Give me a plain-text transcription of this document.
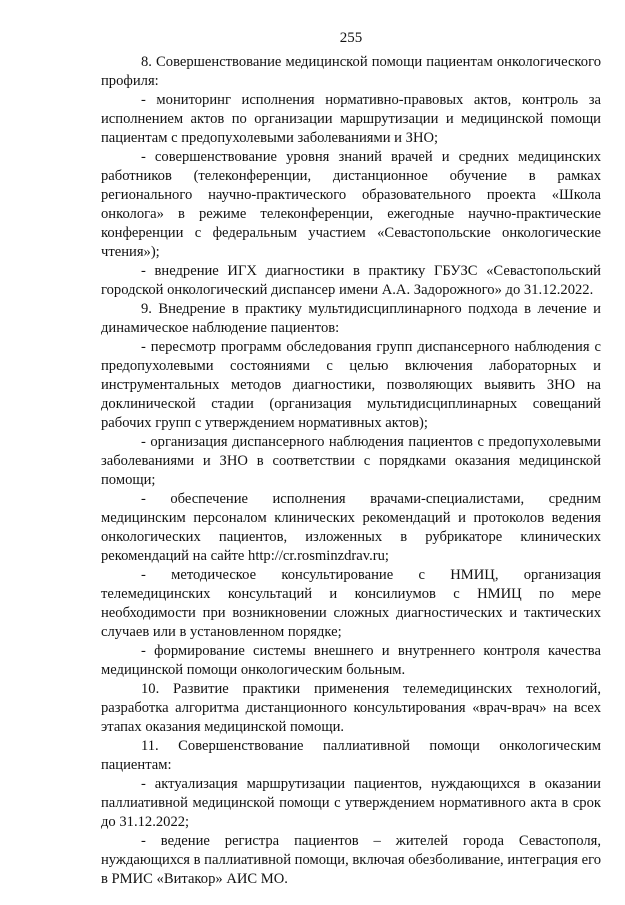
255

8. Совершенствование медицинской помощи пациентам онкологического профиля:

- мониторинг исполнения нормативно-правовых актов, контроль за исполнением актов по организации маршрутизации и медицинской помощи пациентам с предопухолевыми заболеваниями и ЗНО;

- совершенствование уровня знаний врачей и средних медицинских работников (телеконференции, дистанционное обучение в рамках регионального научно-практического образовательного проекта «Школа онколога» в режиме телеконференции, ежегодные научно-практические конференции с федеральным участием «Севастопольские онкологические чтения»);

- внедрение ИГХ диагностики в практику ГБУЗС «Севастопольский городской онкологический диспансер имени А.А. Задорожного» до 31.12.2022.

9. Внедрение в практику мультидисциплинарного подхода в лечение и динамическое наблюдение пациентов:

- пересмотр программ обследования групп диспансерного наблюдения с предопухолевыми состояниями с целью включения лабораторных и инструментальных методов диагностики, позволяющих выявить ЗНО на доклинической стадии (организация мультидисциплинарных совещаний рабочих групп с утверждением нормативных актов);

- организация диспансерного наблюдения пациентов с предопухолевыми заболеваниями и ЗНО в соответствии с порядками оказания медицинской помощи;

- обеспечение исполнения врачами-специалистами, средним медицинским персоналом клинических рекомендаций и протоколов ведения онкологических пациентов, изложенных в рубрикаторе клинических рекомендаций на сайте http://cr.rosminzdrav.ru;

- методическое консультирование с НМИЦ, организация телемедицинских консультаций и консилиумов с НМИЦ по мере необходимости при возникновении сложных диагностических и тактических случаев или в установленном порядке;

- формирование системы внешнего и внутреннего контроля качества медицинской помощи онкологическим больным.

10. Развитие практики применения телемедицинских технологий, разработка алгоритма дистанционного консультирования «врач-врач» на всех этапах оказания медицинской помощи.

11. Совершенствование паллиативной помощи онкологическим пациентам:

- актуализация маршрутизации пациентов, нуждающихся в оказании паллиативной медицинской помощи с утверждением нормативного акта в срок до 31.12.2022;

- ведение регистра пациентов – жителей города Севастополя, нуждающихся в паллиативной помощи, включая обезболивание, интеграция его в РМИС «Витакор» АИС МО.
